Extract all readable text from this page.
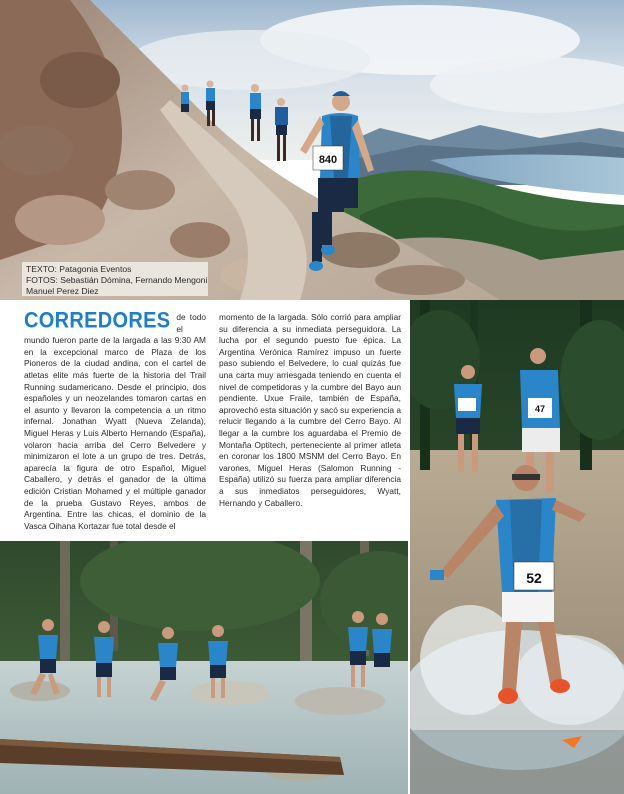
840
TEXTO: Patagonia Eventos
FOTOS: Sebastián Dómina, Fernando Mengoni
Manuel Perez Diez
CORREDORES de todo el mundo fueron parte de la largada a las 9:30 AM en la excepcional marco de Plaza de los Pioneros de la ciudad andina, con el cartel de atletas elite más fuerte de la historia del Trail Running sudamericano. Desde el principio, dos españoles y un neozelandes tomaron cartas en el asunto y llevaron la competencia a un ritmo infernal. Jonathan Wyatt (Nueva Zelanda), Miguel Heras y Luis Alberto Hernando (España), volaron hacia arriba del Cerro Belvedere y minimizaron el lote a un grupo de tres. Detrás, aparecía la figura de otro Español, Miguel Caballero, y detrás el ganador de la última edición Cristian Mohamed y el múltiple ganador de la prueba Gustavo Reyes, ambos de Argentina. Entre las chicas, el dominio de la Vasca Oihana Kortazar fue total desde el
momento de la largada. Sólo corrió para ampliar su diferencia a su inmediata perseguidora. La lucha por el segundo puesto fue épica. La Argentina Verónica Ramírez impuso un fuerte paso subiendo el Belvedere, lo cual quizás fue una carta muy arriesgada teniendo en cuenta el nivel de competidoras y la cumbre del Bayo aun pendiente. Uxue Fraile, también de España, aprovechó esta situación y sacó su experiencia a relucir llegando a la cumbre del Cerro Bayo. Al llegar a la cumbre los aguardaba el Premio de Montaña Optitech, perteneciente al primer atleta en coronar los 1800 MSNM del Cerro Bayo. En varones, Miguel Heras (Salomon Running - España) utilizó su fuerza para ampliar diferencia a sus inmediatos perseguidores, Wyatt, Hernando y Caballero.
47
52
